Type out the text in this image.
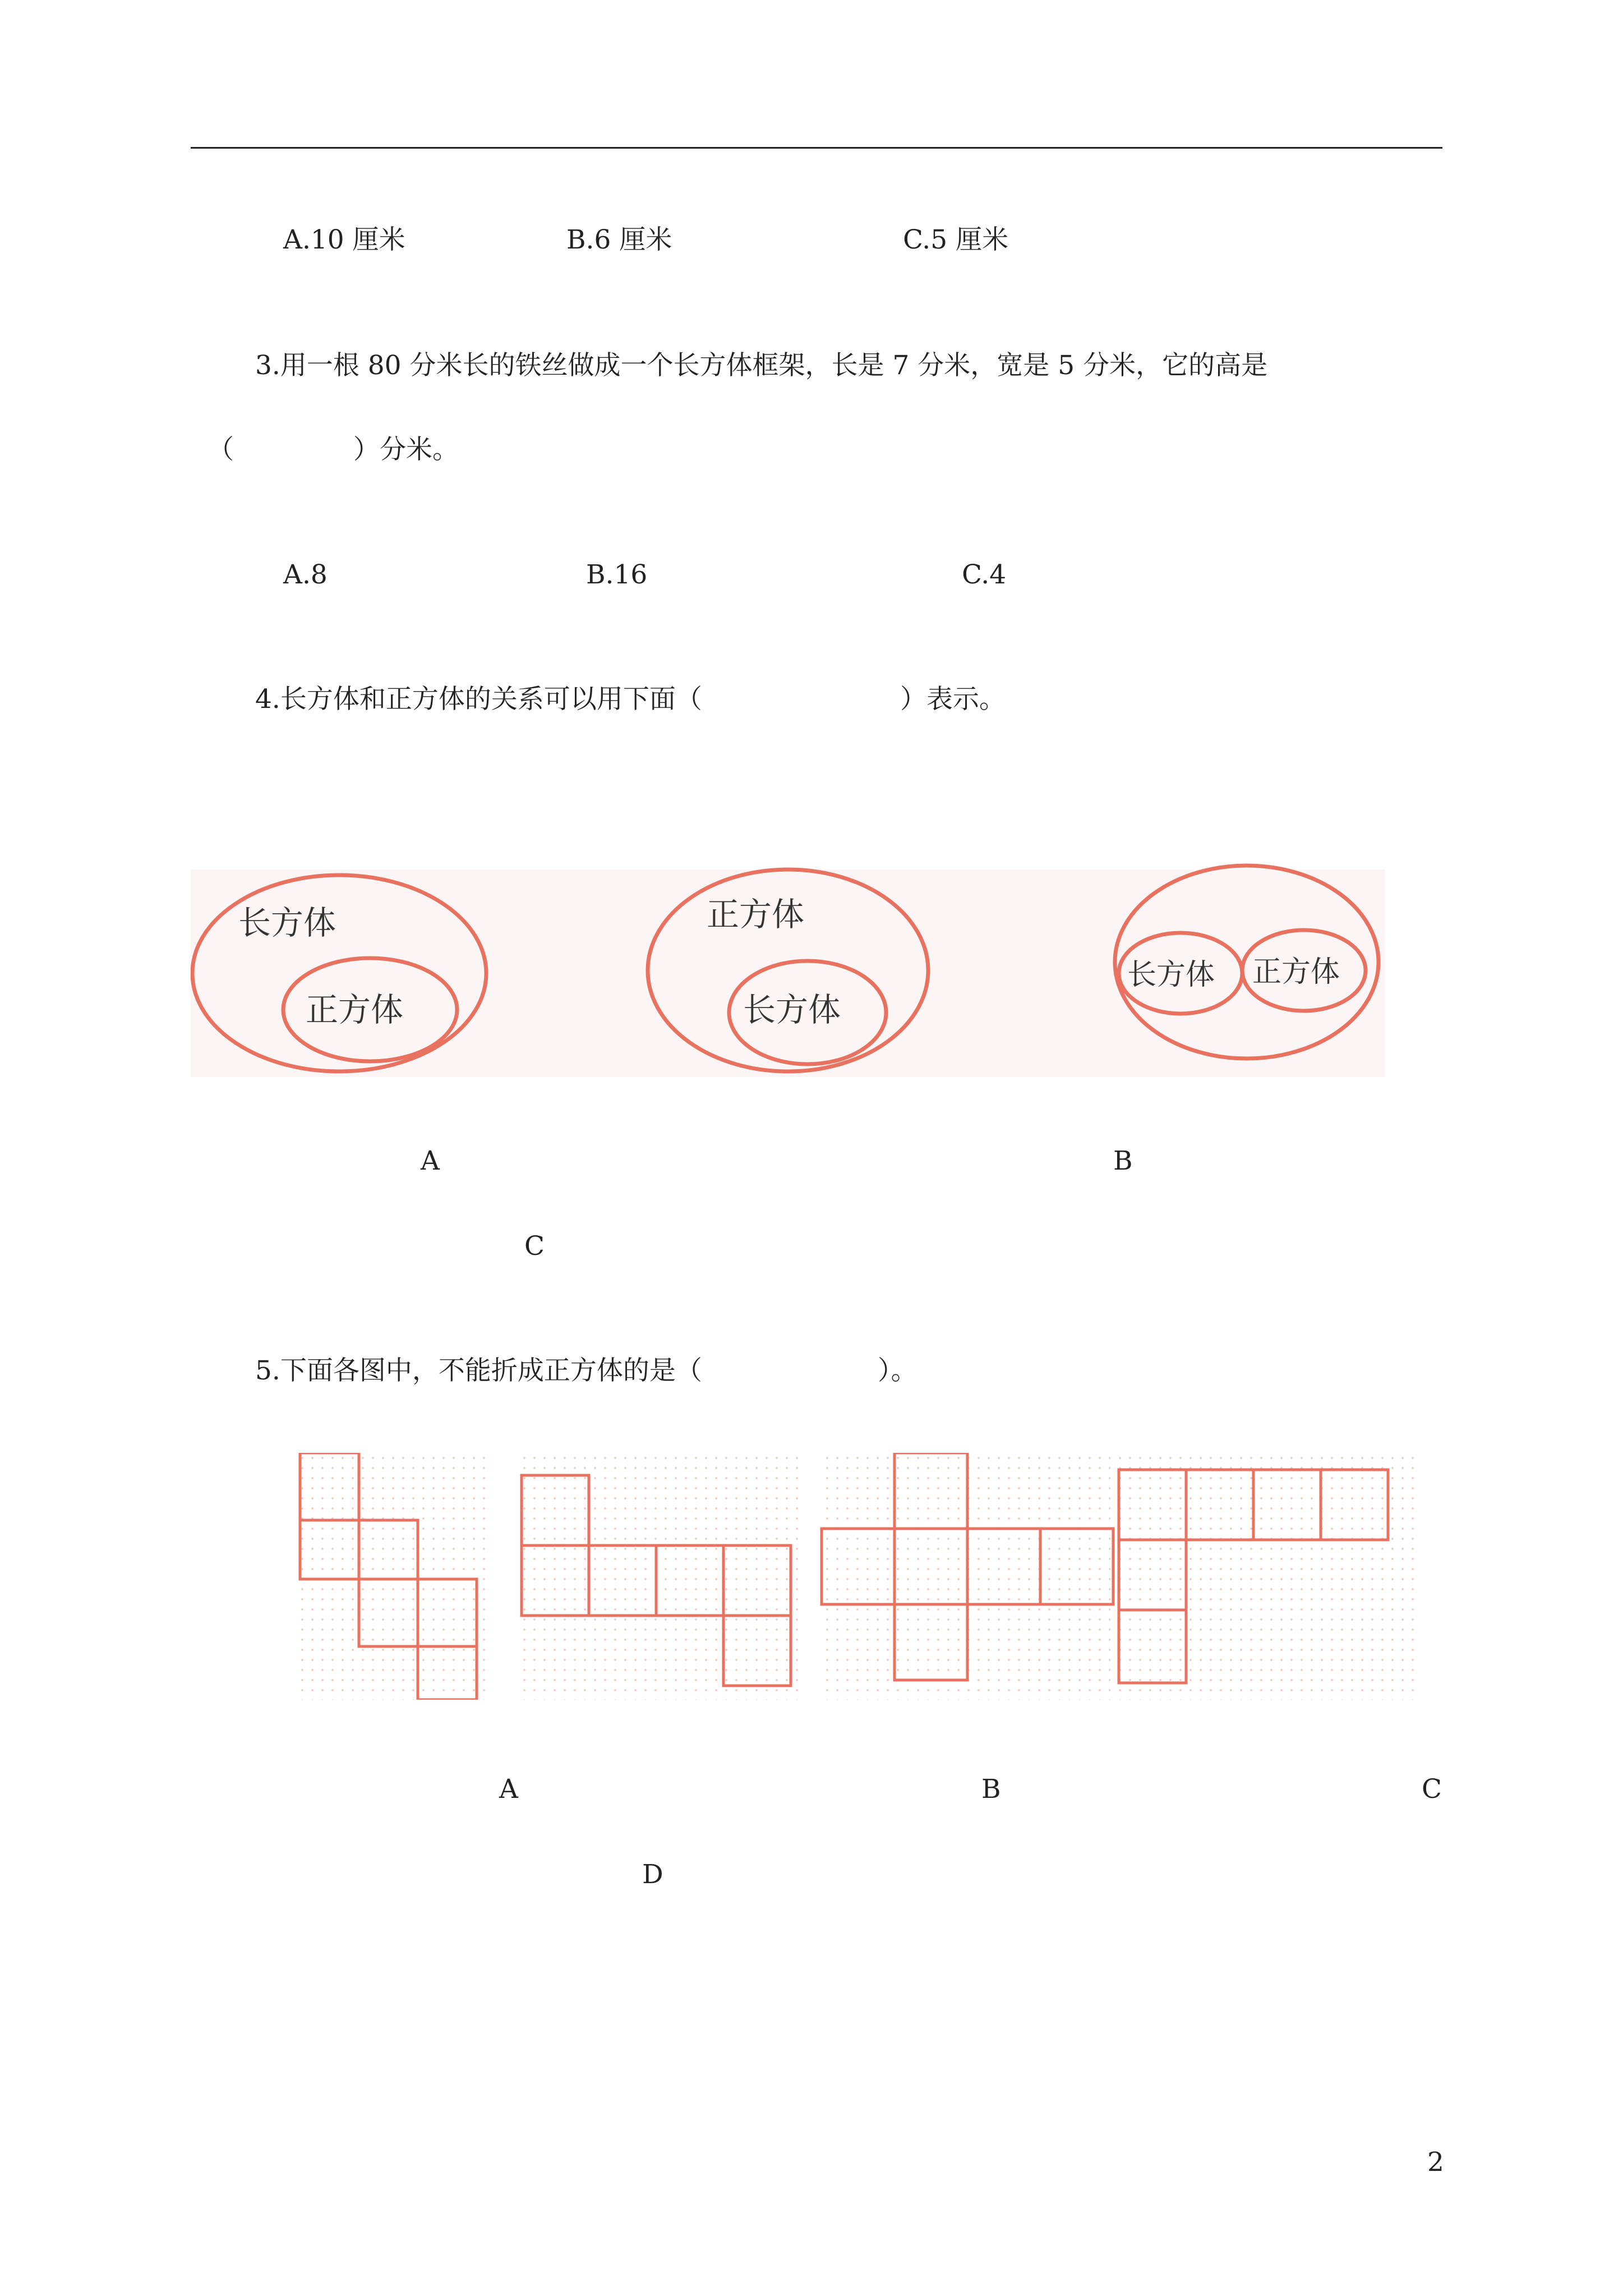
A.10 厘米	B.6 厘米	C.5 厘米
3.用一根 80 分米长的铁丝做成一个长方体框架，长是 7 分米，宽是 5 分米，它的高是
（	）分米。
A.8	B.16	C.4
4.长方体和正方体的关系可以用下面（	）表示。
长方体
正方体
正方体
长方体
长方体 正方体
A	B
C
5.下面各图中，不能折成正方体的是（	）。
A	B	C
D
2
